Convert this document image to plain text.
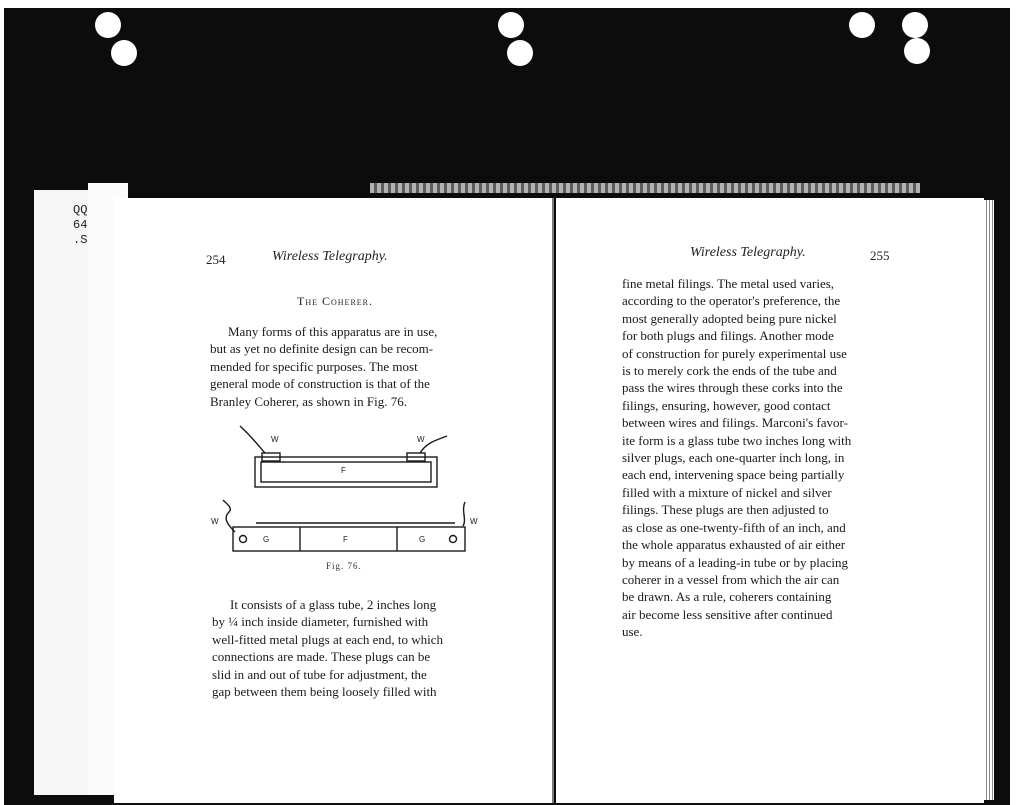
QQ
64
.S
254	Wireless Telegraphy.
The Coherer.
Many forms of this apparatus are in use,
but as yet no definite design can be recom-
mended for specific purposes. The most
general mode of construction is that of the
Branley Coherer, as shown in Fig. 76.
W	W
F
W	W
G	F	G
Fig. 76.
It consists of a glass tube, 2 inches long
by ¼ inch inside diameter, furnished with
well-fitted metal plugs at each end, to which
connections are made. These plugs can be
slid in and out of tube for adjustment, the
gap between them being loosely filled with
Wireless Telegraphy.	255
fine metal filings. The metal used varies,
according to the operator's preference, the
most generally adopted being pure nickel
for both plugs and filings. Another mode
of construction for purely experimental use
is to merely cork the ends of the tube and
pass the wires through these corks into the
filings, ensuring, however, good contact
between wires and filings. Marconi's favor-
ite form is a glass tube two inches long with
silver plugs, each one-quarter inch long, in
each end, intervening space being partially
filled with a mixture of nickel and silver
filings. These plugs are then adjusted to
as close as one-twenty-fifth of an inch, and
the whole apparatus exhausted of air either
by means of a leading-in tube or by placing
coherer in a vessel from which the air can
be drawn. As a rule, coherers containing
air become less sensitive after continued
use.
